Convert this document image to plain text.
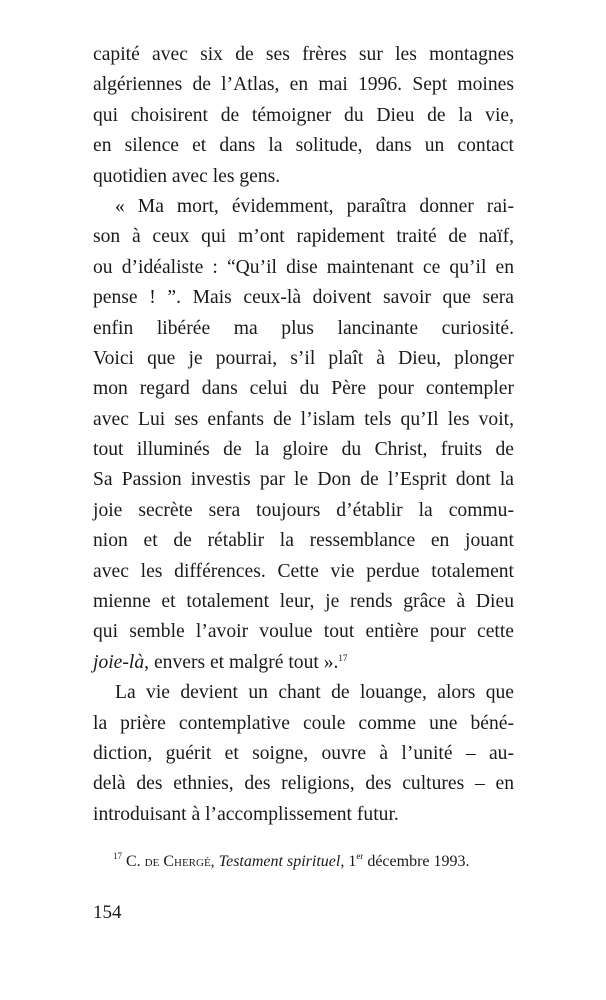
capité avec six de ses frères sur les montagnes
algériennes de l’Atlas, en mai 1996. Sept moines
qui choisirent de témoigner du Dieu de la vie,
en silence et dans la solitude, dans un contact
quotidien avec les gens.
« Ma mort, évidemment, paraîtra donner rai-
son à ceux qui m’ont rapidement traité de naïf,
ou d’idéaliste : “Qu’il dise maintenant ce qu’il en
pense ! ”. Mais ceux-là doivent savoir que sera
enfin libérée ma plus lancinante curiosité.
Voici que je pourrai, s’il plaît à Dieu, plonger
mon regard dans celui du Père pour contempler
avec Lui ses enfants de l’islam tels qu’Il les voit,
tout illuminés de la gloire du Christ, fruits de
Sa Passion investis par le Don de l’Esprit dont la
joie secrète sera toujours d’établir la commu-
nion et de rétablir la ressemblance en jouant
avec les différences. Cette vie perdue totalement
mienne et totalement leur, je rends grâce à Dieu
qui semble l’avoir voulue tout entière pour cette
joie-là, envers et malgré tout ».$^{17}$
La vie devient un chant de louange, alors que
la prière contemplative coule comme une béné-
diction, guérit et soigne, ouvre à l’unité – au-
delà des ethnies, des religions, des cultures – en
introduisant à l’accomplissement futur.
$^{17}$ C. de Chergé, Testament spirituel, 1er décembre 1993.
154
